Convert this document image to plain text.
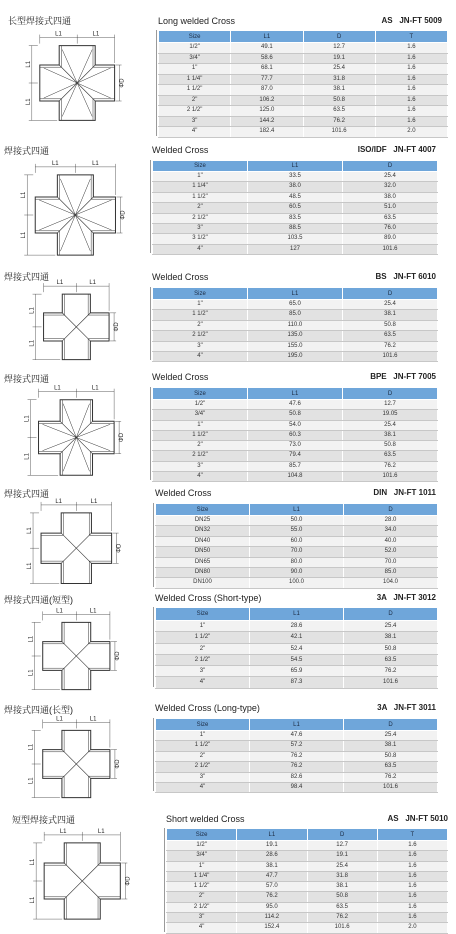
长型焊接式四通
L1	L1
L1
L1
ΦD
Long welded Cross	AS   JN-FT 5009
Size	L1	D	T
1/2"	49.1	12.7	1.6
3/4"	58.6	19.1	1.6
1"	68.1	25.4	1.6
1 1/4"	77.7	31.8	1.6
1 1/2"	87.0	38.1	1.6
2"	106.2	50.8	1.6
2 1/2"	125.0	63.5	1.6
3"	144.2	76.2	1.6
4"	182.4	101.6	2.0
焊接式四通
L1	L1
L1
L1
ΦD
Welded Cross	ISO/IDF   JN-FT 4007
Size	L1	D
1"	33.5	25.4
1 1/4"	38.0	32.0
1 1/2"	48.5	38.0
2"	60.5	51.0
2 1/2"	83.5	63.5
3"	88.5	76.0
3 1/2"	103.5	89.0
4"	127	101.6
焊接式四通
L1	L1
L1
L1
ΦD
Welded Cross	BS   JN-FT 6010
Size	L1	D
1"	65.0	25.4
1 1/2"	85.0	38.1
2"	110.0	50.8
2 1/2"	135.0	63.5
3"	155.0	76.2
4"	195.0	101.6
焊接式四通
L1	L1
L1
L1
ΦD
Welded Cross	BPE   JN-FT 7005
Size	L1	D
1/2"	47.6	12.7
3/4"	50.8	19.05
1"	54.0	25.4
1 1/2"	60.3	38.1
2"	73.0	50.8
2 1/2"	79.4	63.5
3"	85.7	76.2
4"	104.8	101.6
焊接式四通
L1	L1
L1
L1
ΦD
Welded Cross	DIN   JN-FT 1011
Size	L1	D
DN25	50.0	28.0
DN32	55.0	34.0
DN40	60.0	40.0
DN50	70.0	52.0
DN65	80.0	70.0
DN80	90.0	85.0
DN100	100.0	104.0
焊接式四通(短型)
L1	L1
L1
L1
ΦD
Welded Cross (Short-type)	3A   JN-FT 3012
Size	L1	D
1"	28.6	25.4
1 1/2"	42.1	38.1
2"	52.4	50.8
2 1/2"	54.5	63.5
3"	65.9	76.2
4"	87.3	101.6
焊接式四通(长型)
L1	L1
L1
L1
ΦD
Welded Cross (Long-type)	3A   JN-FT 3011
Size	L1	D
1"	47.6	25.4
1 1/2"	57.2	38.1
2"	76.2	50.8
2 1/2"	76.2	63.5
3"	82.6	76.2
4"	98.4	101.6
短型焊接式四通
L1	L1
L1
L1
ΦD
Short welded Cross	AS   JN-FT 5010
Size	L1	D	T
1/2"	19.1	12.7	1.6
3/4"	28.6	19.1	1.6
1"	38.1	25.4	1.6
1 1/4"	47.7	31.8	1.6
1 1/2"	57.0	38.1	1.6
2"	76.2	50.8	1.6
2 1/2"	95.0	63.5	1.6
3"	114.2	76.2	1.6
4"	152.4	101.6	2.0
